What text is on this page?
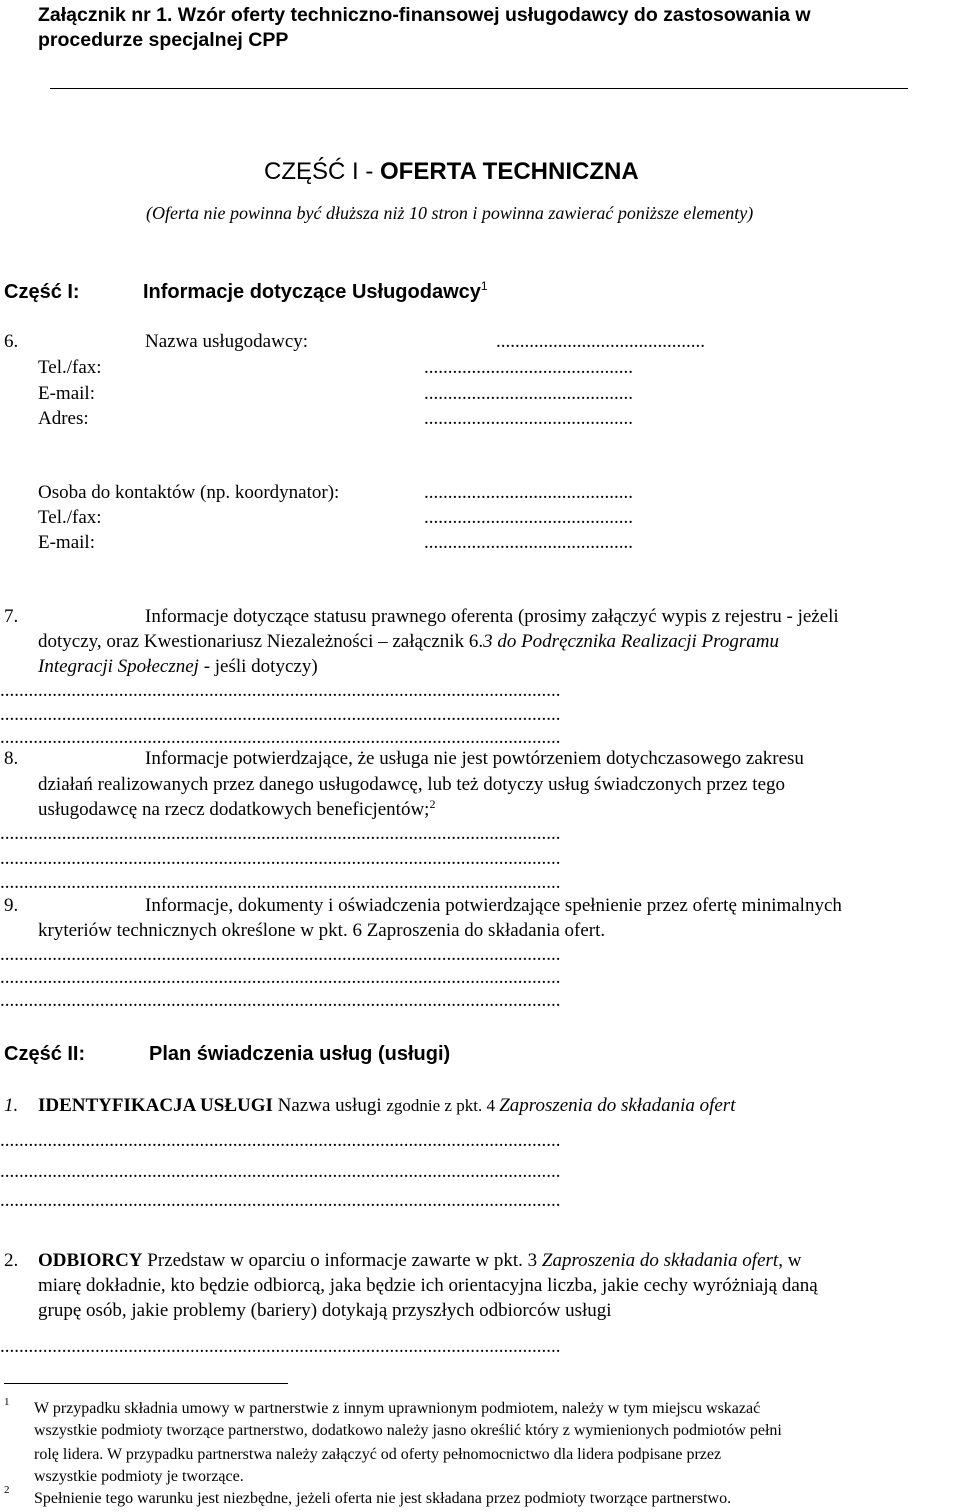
Załącznik nr 1. Wzór oferty techniczno-finansowej usługodawcy do zastosowania w
procedurze specjalnej CPP
CZĘŚĆ I - OFERTA TECHNICZNA
(Oferta nie powinna być dłuższa niż 10 stron i powinna zawierać poniższe elementy)
Część I:	Informacje dotyczące Usługodawcy$^1$
6.	Nazwa usługodawcy:	............................................
Tel./fax:	............................................
E-mail:	............................................
Adres:	............................................
Osoba do kontaktów (np. koordynator):	............................................
Tel./fax:	............................................
E-mail:	............................................
7.	Informacje dotyczące statusu prawnego oferenta (prosimy załączyć wypis z rejestru - jeżeli
dotyczy, oraz Kwestionariusz Niezależności – załącznik 6.3 do Podręcznika Realizacji Programu
Integracji Społecznej - jeśli dotyczy)
......................................................................................................................
......................................................................................................................
......................................................................................................................
8.	Informacje potwierdzające, że usługa nie jest powtórzeniem dotychczasowego zakresu
działań realizowanych przez danego usługodawcę, lub też dotyczy usług świadczonych przez tego
usługodawcę na rzecz dodatkowych beneficjentów;$^2$
......................................................................................................................
......................................................................................................................
......................................................................................................................
9.	Informacje, dokumenty i oświadczenia potwierdzające spełnienie przez ofertę minimalnych
kryteriów technicznych określone w pkt. 6 Zaproszenia do składania ofert.
......................................................................................................................
......................................................................................................................
......................................................................................................................
Część II:	Plan świadczenia usług (usługi)
1. IDENTYFIKACJA USŁUGI Nazwa usługi zgodnie z pkt. 4 Zaproszenia do składania ofert
......................................................................................................................
......................................................................................................................
......................................................................................................................
2. ODBIORCY Przedstaw w oparciu o informacje zawarte w pkt. 3 Zaproszenia do składania ofert, w
miarę dokładnie, kto będzie odbiorcą, jaka będzie ich orientacyjna liczba, jakie cechy wyróżniają daną
grupę osób, jakie problemy (bariery) dotykają przyszłych odbiorców usługi
......................................................................................................................
1 W przypadku składnia umowy w partnerstwie z innym uprawnionym podmiotem, należy w tym miejscu wskazać
wszystkie podmioty tworzące partnerstwo, dodatkowo należy jasno określić który z wymienionych podmiotów pełni
rolę lidera. W przypadku partnerstwa należy załączyć od oferty pełnomocnictwo dla lidera podpisane przez
wszystkie podmioty je tworzące.
2 Spełnienie tego warunku jest niezbędne, jeżeli oferta nie jest składana przez podmioty tworzące partnerstwo.
